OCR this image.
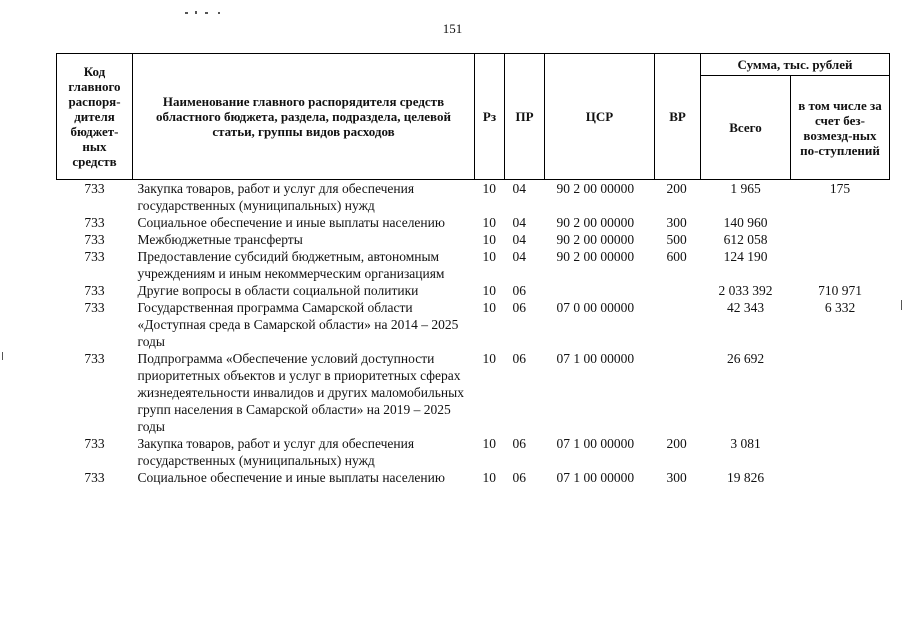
151
Код главного распоря-дителя бюджет-ных средств	Наименование главного распорядителя средств областного бюджета, раздела, подраздела, целевой статьи, группы видов расходов	Рз	ПР	ЦСР	ВР	Сумма, тыс. рублей	
						Всего	в том числе за счет без-возмезд-ных по-ступлений
733	Закупка товаров, работ и услуг для обеспечения государственных (муниципальных) нужд	10	04	90 2 00 00000	200	1 965	175
733	Социальное обеспечение и иные выплаты населению	10	04	90 2 00 00000	300	140 960	
733	Межбюджетные трансферты	10	04	90 2 00 00000	500	612 058	
733	Предоставление субсидий бюджетным, автономным учреждениям и иным некоммерческим организациям	10	04	90 2 00 00000	600	124 190	
733	Другие вопросы в области социальной политики	10	06			2 033 392	710 971
733	Государственная программа Самарской области «Доступная среда в Самарской области» на 2014 – 2025 годы	10	06	07 0 00 00000		42 343	6 332
733	Подпрограмма «Обеспечение условий доступности приоритетных объектов и услуг в приоритетных сферах жизнедеятельности инвалидов и других маломобильных групп населения в Самарской области» на 2019 – 2025 годы	10	06	07 1 00 00000		26 692	
733	Закупка товаров, работ и услуг для обеспечения государственных (муниципальных) нужд	10	06	07 1 00 00000	200	3 081	
733	Социальное обеспечение и иные выплаты населению	10	06	07 1 00 00000	300	19 826	
